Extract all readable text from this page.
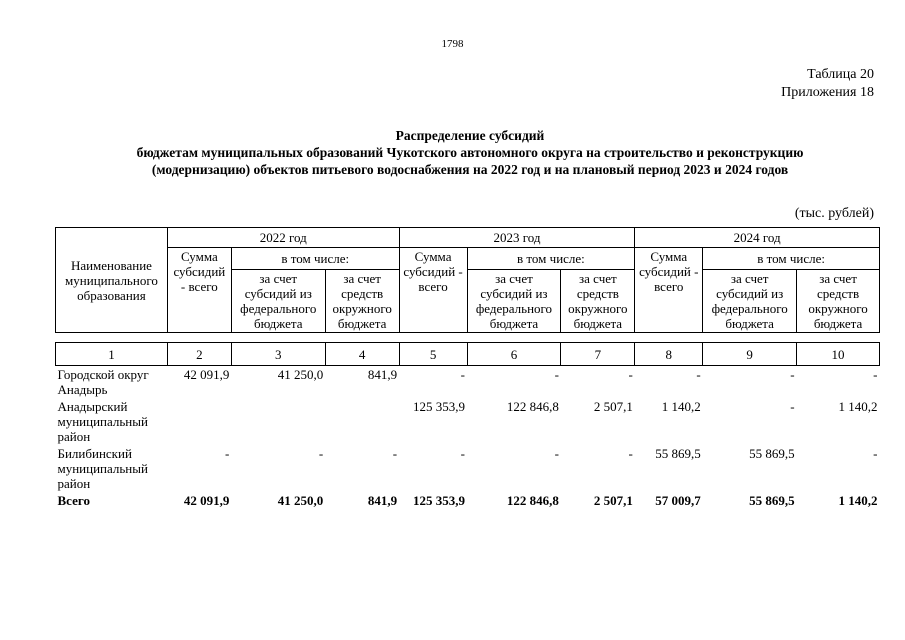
1798
Таблица 20
Приложения 18
Распределение субсидий
бюджетам муниципальных образований Чукотского автономного округа на строительство и реконструкцию
(модернизацию) объектов питьевого водоснабжения на 2022 год и на плановый период 2023 и 2024 годов
(тыс. рублей)
Наименование муниципального образования	2022 год			2023 год			2024 год		
	Сумма субсидий - всего	в том числе:		Сумма субсидий - всего	в том числе:		Сумма субсидий - всего	в том числе:	
		за счет субсидий из федерального бюджета	за счет средств окружного бюджета		за счет субсидий из федерального бюджета	за счет средств окружного бюджета		за счет субсидий из федерального бюджета	за счет средств окружного бюджета

1	2	3	4	5	6	7	8	9	10
Городской округ Анадырь	42 091,9	41 250,0	841,9	-	-	-	-	-	-
Анадырский муниципальный район				125 353,9	122 846,8	2 507,1	1 140,2	-	1 140,2
Билибинский муниципальный район	-	-	-	-	-	-	55 869,5	55 869,5	-
Всего	42 091,9	41 250,0	841,9	125 353,9	122 846,8	2 507,1	57 009,7	55 869,5	1 140,2
